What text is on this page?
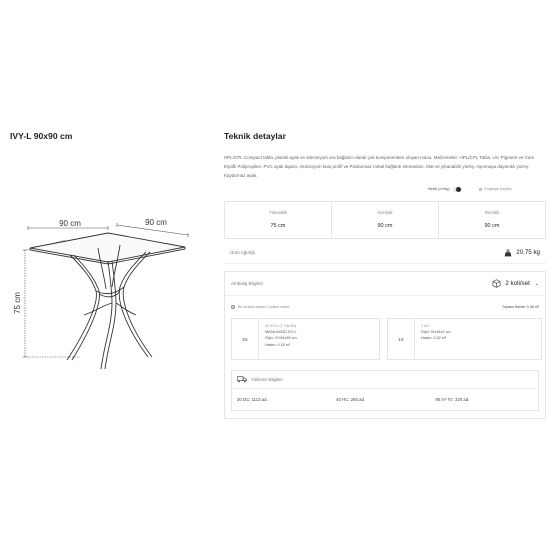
IVY-L 90x90 cm
90 cm	90 cm
75 cm
Teknik detaylar
HPL/CPL Compact tabla, plastik ayak ve alüminyum ara bağlantı olarak çok komponentten oluşan masa. Malzemeler: HPL/CPL Tabla, UV, Pigment ve Cam Elyaflı Polipropilen. PVC ayak tapası, Alüminyum kutu profil ve Paslanmaz metal bağlantı elemanları. Mat ve yıkanabilir yüzey. Aşınmaya dayanıklı yüzey. Kaydırmaz ayak.
Metrik (cm/kg)	Emperyal (inç/lbs)
Yükseklik
75 cm
Genişlik
90 cm
Derinlik
90 cm
Ürün Ağırlığı	20.75 kg
Ambalaj Bilgileri	2 koli/set ⌄
i	Bu ürünün toplam 2 paket vardır.	Toplam Hacim: 0.38 m³
2X
20 KOLI (1 TAKIM)
MASA AYAĞI IVY-L
Ölçü: 37x61x80 cm
Hacim: 0.18 m³
1X
1 AD.
Ölçü: 91x91x2 cm
Hacim: 0.02 m³
Yükleme Bilgileri
20 DC: 1113 ad.	40 HC: 265 ad.	90 m³ Tır: 320 ad.
